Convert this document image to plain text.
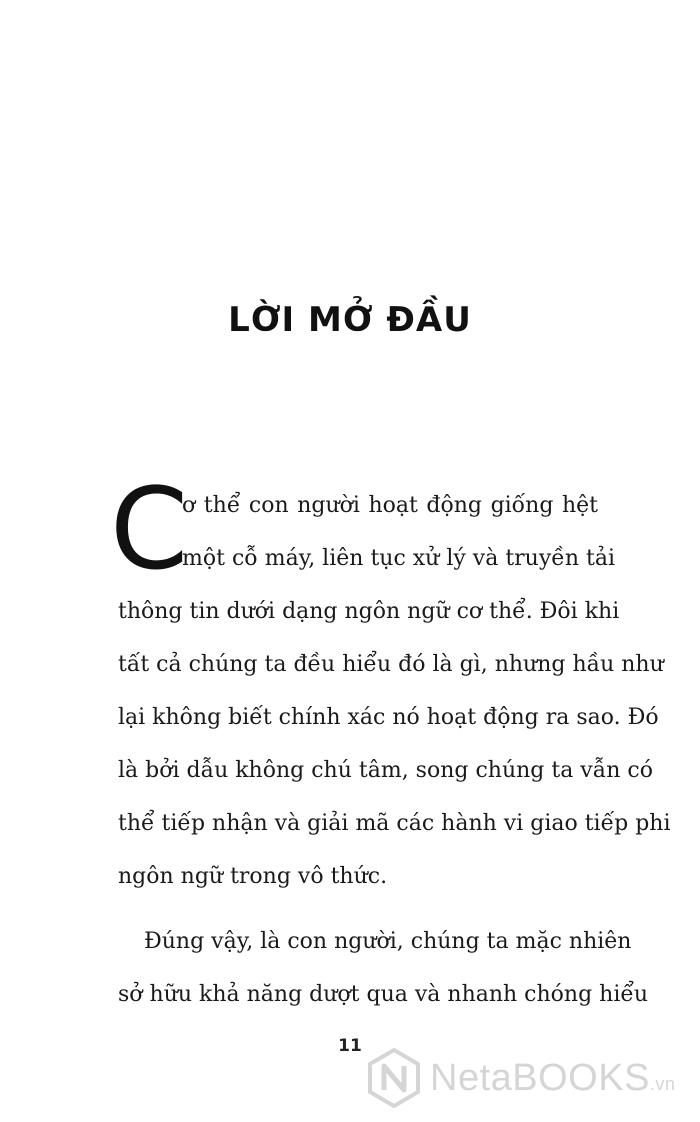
LỜI MỞ ĐẦU
C
ơ thể con người hoạt động giống hệt
một cỗ máy, liên tục xử lý và truyền tải
thông tin dưới dạng ngôn ngữ cơ thể. Đôi khi
tất cả chúng ta đều hiểu đó là gì, nhưng hầu như
lại không biết chính xác nó hoạt động ra sao. Đó
là bởi dẫu không chú tâm, song chúng ta vẫn có
thể tiếp nhận và giải mã các hành vi giao tiếp phi
ngôn ngữ trong vô thức.
Đúng vậy, là con người, chúng ta mặc nhiên
sở hữu khả năng dượt qua và nhanh chóng hiểu
11
NetaBOOKS.vn
